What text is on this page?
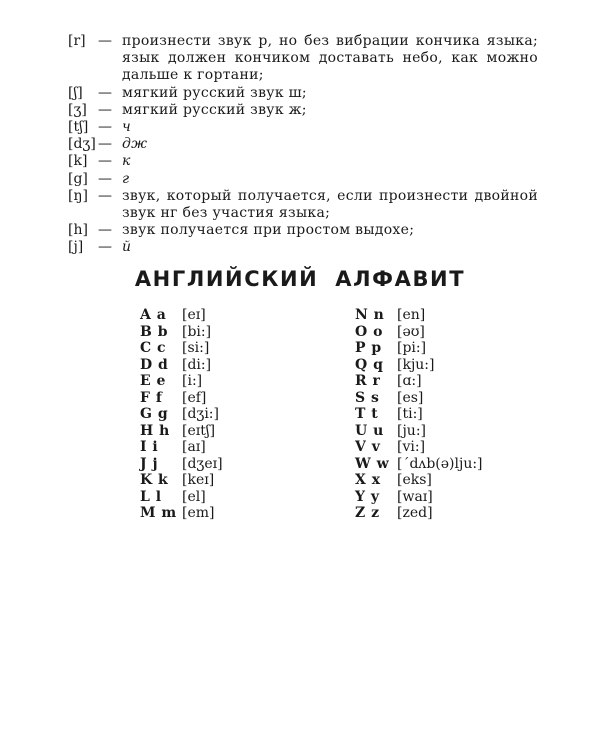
[r] — произнести звук р, но без вибрации кончика языка; язык должен кончиком доставать небо, как можно дальше к гортани;
[ʃ]	— мягкий русский звук ш;
[ʒ] — мягкий русский звук ж;
[tʃ] — ч
[dʒ] — дж
[k] — к
[g] — г
[ŋ] — звук, который получается, если произнести двойной звук нг без участия языка;
[h] — звук получается при простом выдохе;
[j]	— й
АНГЛИЙСКИЙ АЛФАВИТ
A a	[eɪ]
B b	[bi:]
C c	[si:]
D d [di:]
E e	[i:]
F f	[ef]
G g [dʒi:]
H h [eɪtʃ]
I i	[aɪ]
J j	[dʒeɪ]
K k [keɪ]
L l	[el]
M m [em]
N n [en]
O o	[əʊ]
P p	[pi:]
Q q [kju:]
R r	[ɑ:]
S s	[es]
T t	[ti:]
U u [ju:]
V v	[vi:]
W w [ˊdʌb(ə)lju:]
X x	[eks]
Y y	[waɪ]
Z z	[zed]
